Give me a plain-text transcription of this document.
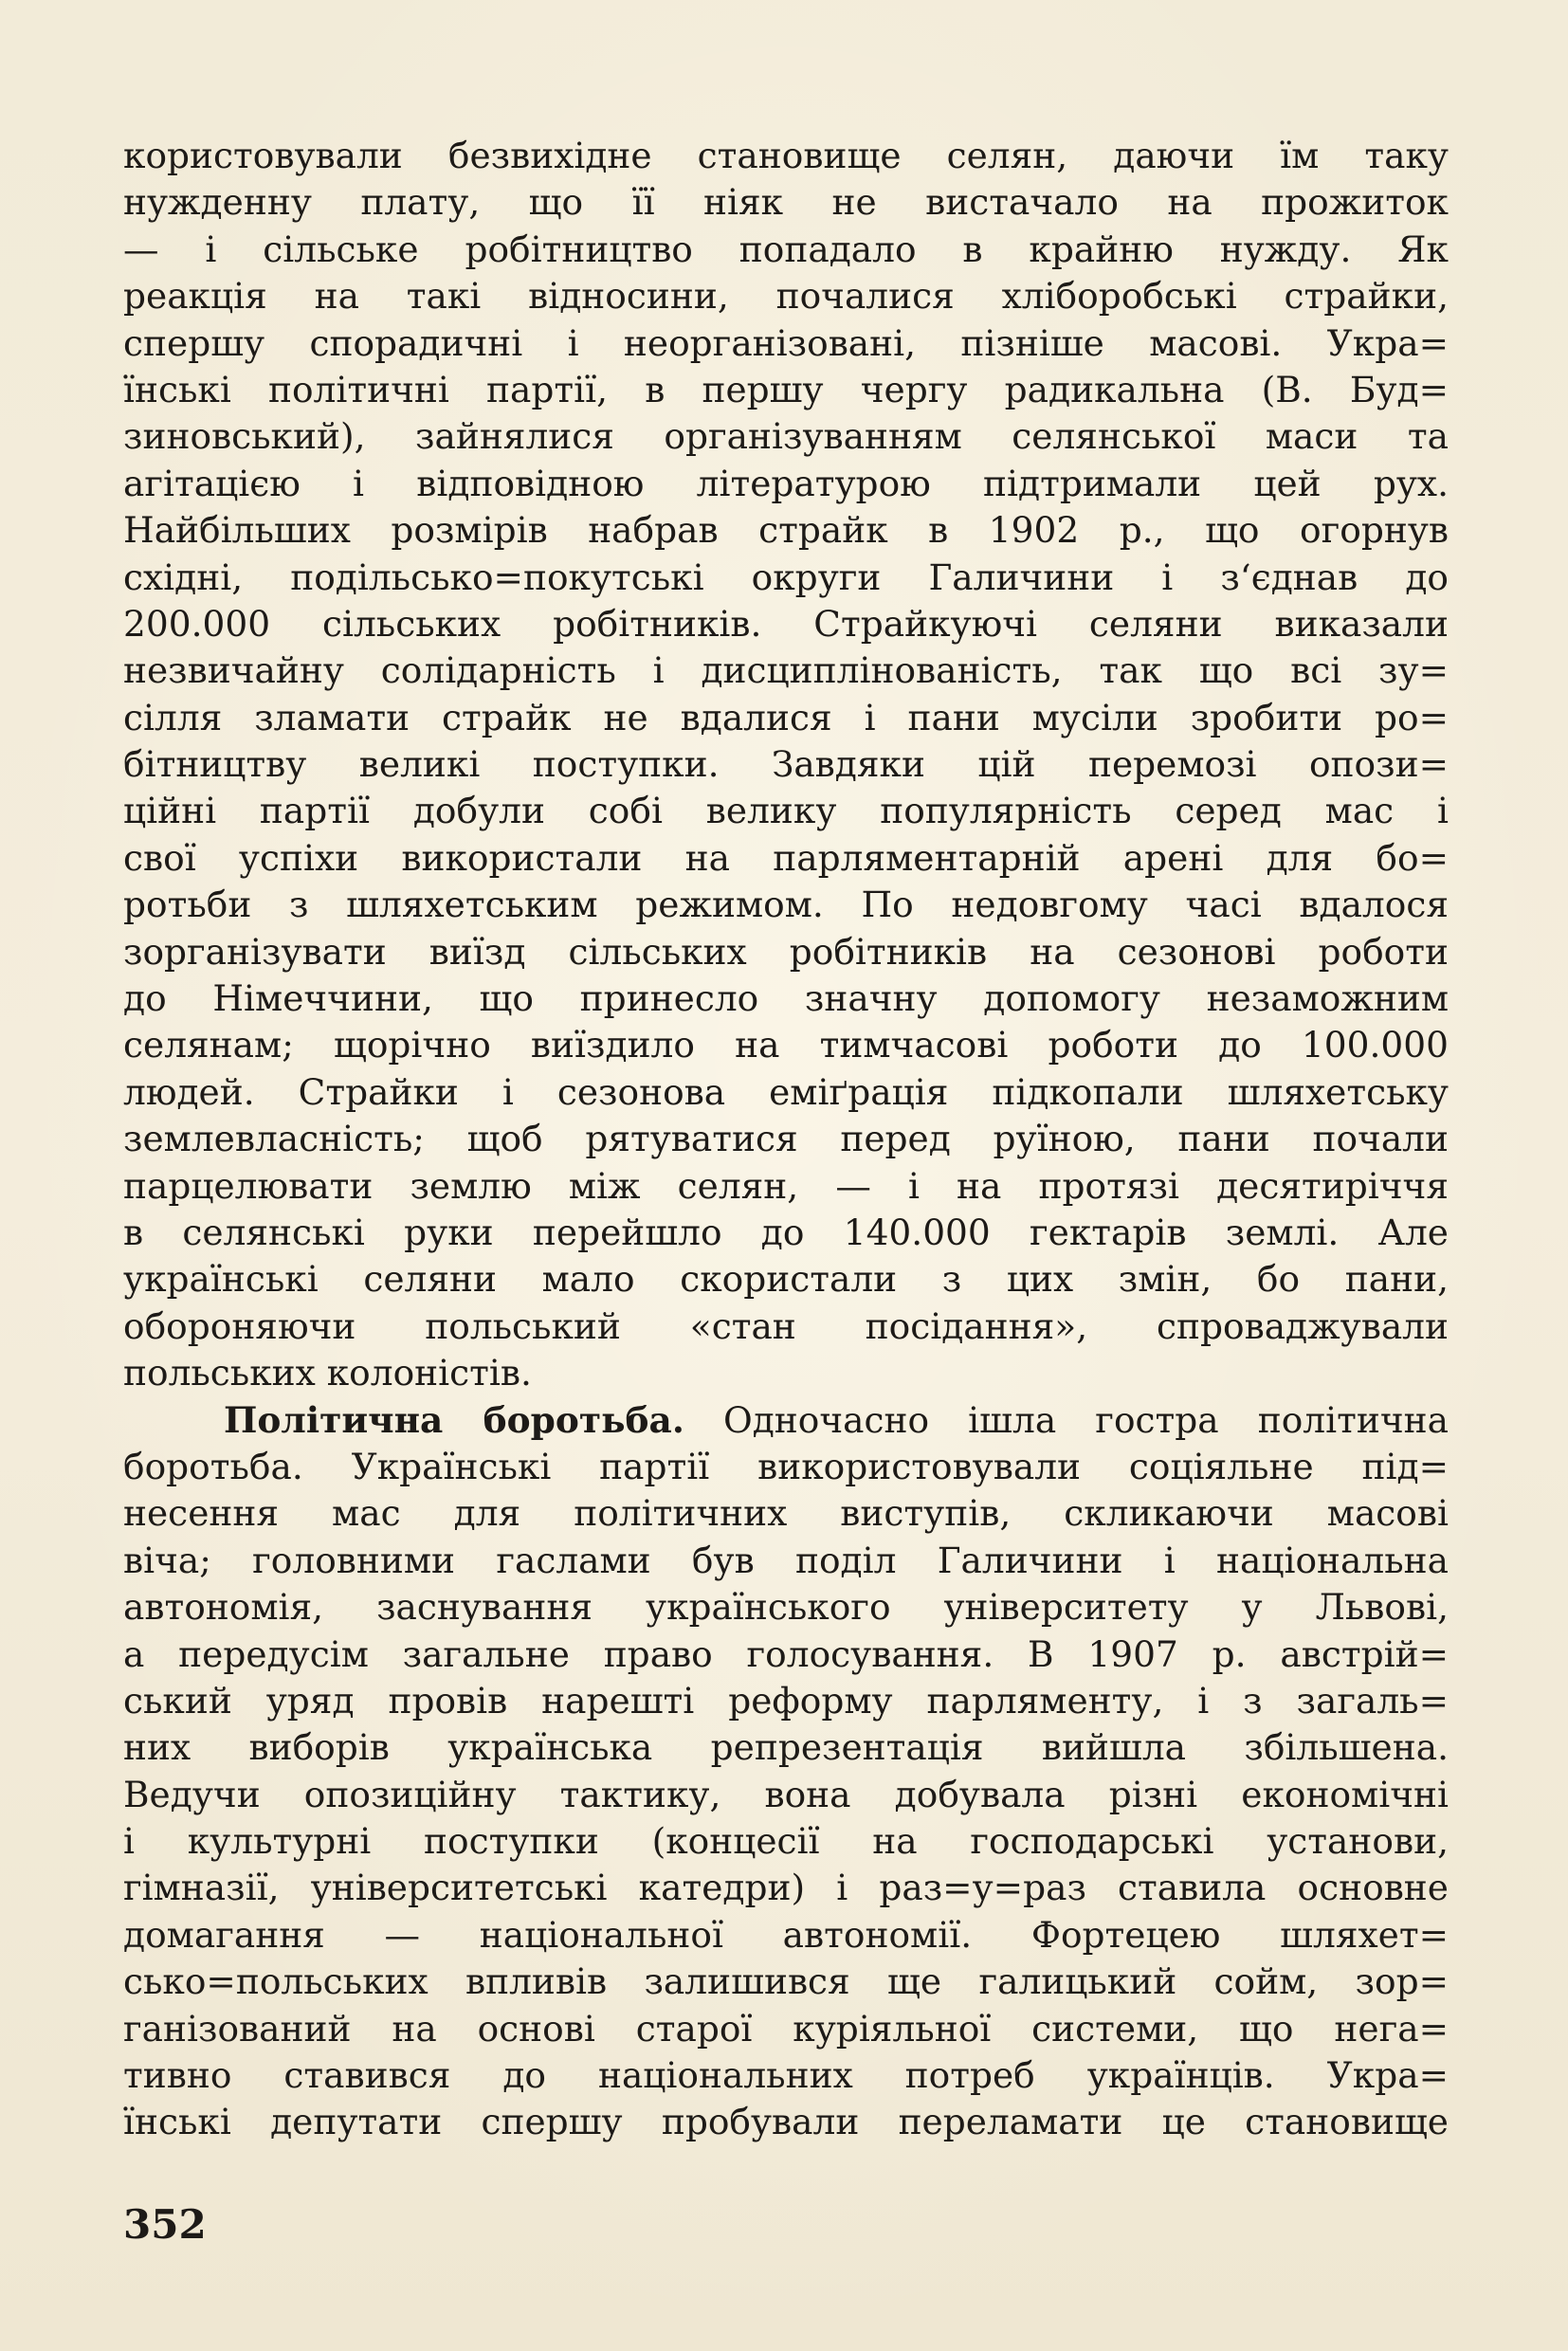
користовували безвихідне становище селян, даючи їм таку
нужденну плату, що її ніяк не вистачало на прожиток
— і сільське робітництво попадало в крайню нужду. Як
реакція на такі відносини, почалися хліборобські страйки,
спершу спорадичні і неорганізовані, пізніше масові. Укра=
їнські політичні партії, в першу чергу радикальна (В. Буд=
зиновський), зайнялися організуванням селянської маси та
агітацією і відповідною літературою підтримали цей рух.
Найбільших розмірів набрав страйк в 1902 р., що огорнув
східні, подільсько=покутські округи Галичини і з‘єднав до
200.000 сільських робітників. Страйкуючі селяни виказали
незвичайну солідарність і дисциплінованість, так що всі зу=
сілля зламати страйк не вдалися і пани мусіли зробити ро=
бітництву великі поступки. Завдяки цій перемозі опози=
ційні партії добули собі велику популярність серед мас і
свої успіхи використали на парляментарній арені для бо=
ротьби з шляхетським режимом. По недовгому часі вдалося
зорганізувати виїзд сільських робітників на сезонові роботи
до Німеччини, що принесло значну допомогу незаможним
селянам; щорічно виїздило на тимчасові роботи до 100.000
людей. Страйки і сезонова еміґрація підкопали шляхетську
землевласність; щоб рятуватися перед руїною, пани почали
парцелювати землю між селян, — і на протязі десятиріччя
в селянські руки перейшло до 140.000 гектарів землі. Але
українські селяни мало скористали з цих змін, бо пани,
обороняючи польський «стан посідання», спроваджували
польських колоністів.
Політична боротьба. Одночасно ішла гостра політична
боротьба. Українські партії використовували соціяльне під=
несення мас для політичних виступів, скликаючи масові
віча; головними гаслами був поділ Галичини і національна
автономія, заснування українського університету у Львові,
а передусім загальне право голосування. В 1907 р. австрій=
ський уряд провів нарешті реформу парляменту, і з загаль=
них виборів українська репрезентація вийшла збільшена.
Ведучи опозиційну тактику, вона добувала різні економічні
і культурні поступки (концесії на господарські установи,
гімназії, університетські катедри) і раз=у=раз ставила основне
домагання — національної автономії. Фортецею шляхет=
сько=польських впливів залишився ще галицький сойм, зор=
ганізований на основі старої куріяльної системи, що нега=
тивно ставився до національних потреб українців. Укра=
їнські депутати спершу пробували переламати це становище
352
